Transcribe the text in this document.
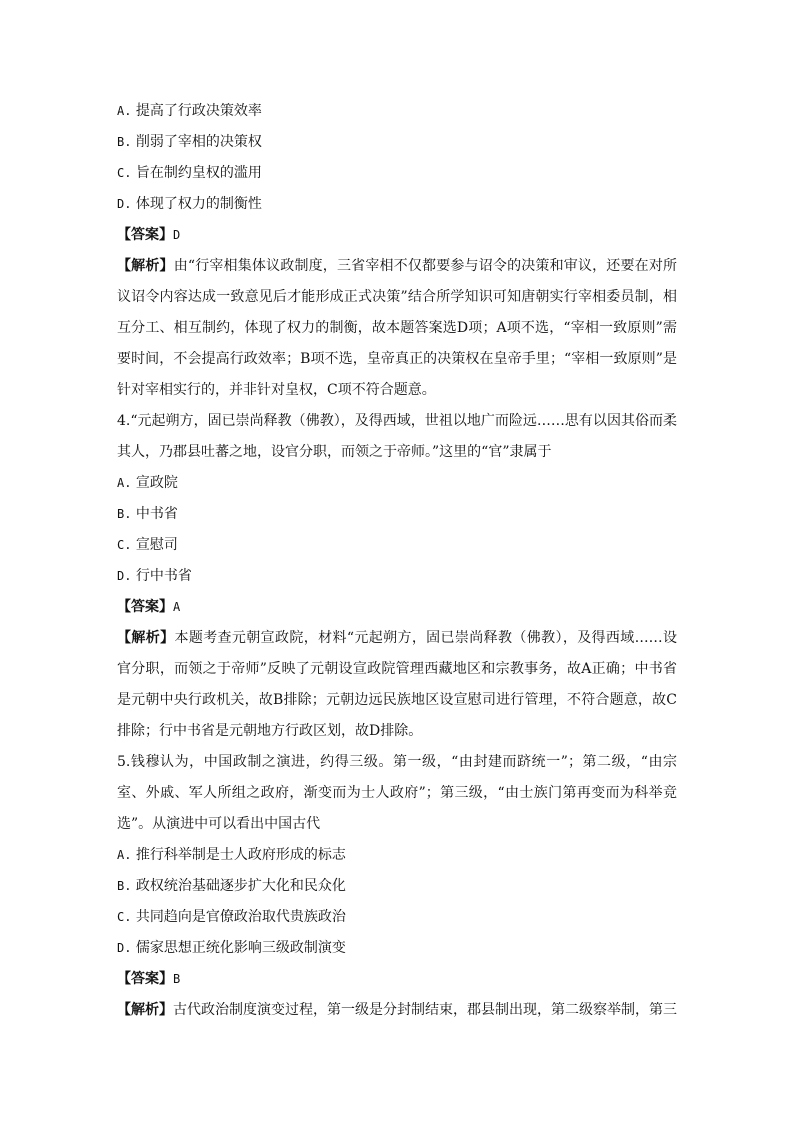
A. 提高了行政决策效率
B. 削弱了宰相的决策权
C. 旨在制约皇权的滥用
D. 体现了权力的制衡性
【答案】D
【解析】由“行宰相集体议政制度，三省宰相不仅都要参与诏令的决策和审议，还要在对所议诏令内容达成一致意见后才能形成正式决策”结合所学知识可知唐朝实行宰相委员制，相互分工、相互制约，体现了权力的制衡，故本题答案选D项；A项不选，“宰相一致原则”需要时间，不会提高行政效率；B项不选，皇帝真正的决策权在皇帝手里；“宰相一致原则”是针对宰相实行的，并非针对皇权，C项不符合题意。
4.“元起朔方，固已崇尚释教（佛教），及得西域，世祖以地广而险远……思有以因其俗而柔其人，乃郡县吐蕃之地，设官分职，而领之于帝师。”这里的“官”隶属于
A. 宣政院
B. 中书省
C. 宣慰司
D. 行中书省
【答案】A
【解析】本题考查元朝宣政院，材料“元起朔方，固已崇尚释教（佛教），及得西域……设官分职，而领之于帝师”反映了元朝设宣政院管理西藏地区和宗教事务，故A正确；中书省是元朝中央行政机关，故B排除；元朝边远民族地区设宣慰司进行管理，不符合题意，故C排除；行中书省是元朝地方行政区划，故D排除。
5.钱穆认为，中国政制之演进，约得三级。第一级，“由封建而跻统一”；第二级，“由宗室、外戚、军人所组之政府，渐变而为士人政府”；第三级，“由士族门第再变而为科举竞选”。从演进中可以看出中国古代
A. 推行科举制是士人政府形成的标志
B. 政权统治基础逐步扩大化和民众化
C. 共同趋向是官僚政治取代贵族政治
D. 儒家思想正统化影响三级政制演变
【答案】B
【解析】古代政治制度演变过程，第一级是分封制结束，郡县制出现，第二级察举制，第三
